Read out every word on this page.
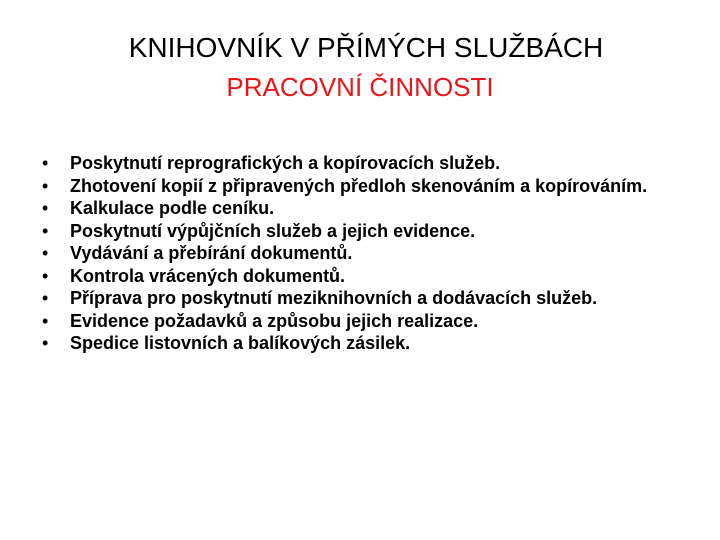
KNIHOVNÍK V PŘÍMÝCH SLUŽBÁCH
PRACOVNÍ ČINNOSTI
• Poskytnutí reprografických a kopírovacích služeb.
• Zhotovení kopií z připravených předloh skenováním a kopírováním.
• Kalkulace podle ceníku.
• Poskytnutí výpůjčních služeb a jejich evidence.
• Vydávání a přebírání dokumentů.
• Kontrola vrácených dokumentů.
• Příprava pro poskytnutí meziknihovních a dodávacích služeb.
• Evidence požadavků a způsobu jejich realizace.
• Spedice listovních a balíkových zásilek.
